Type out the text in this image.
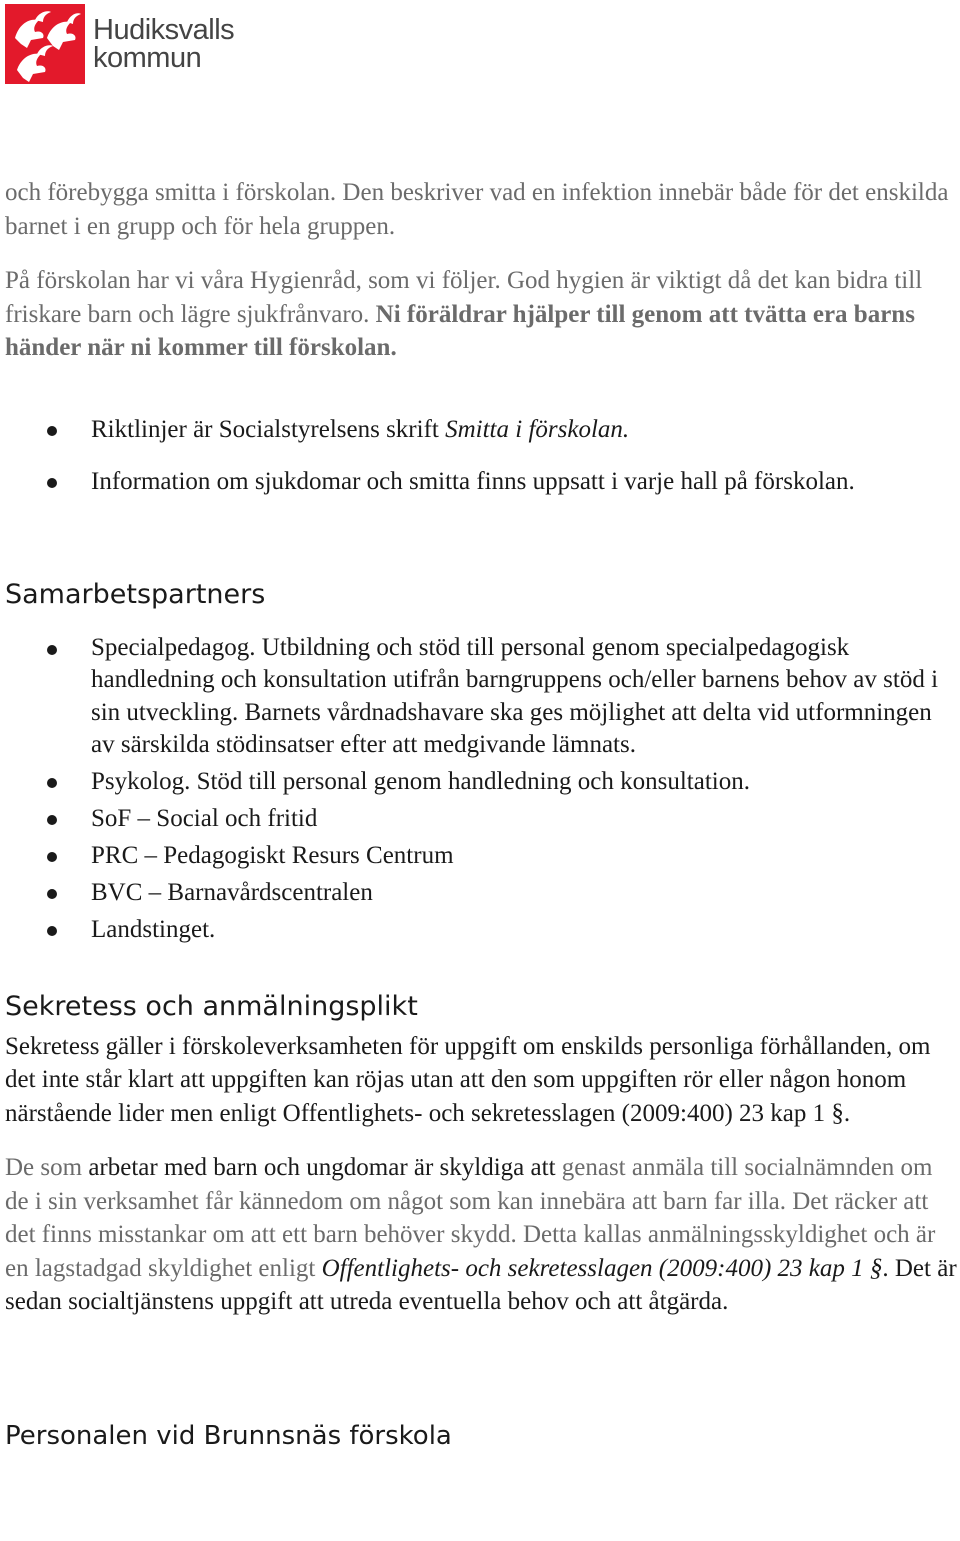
Hudiksvalls
kommun

och förebygga smitta i förskolan. Den beskriver vad en infektion innebär både för det enskilda barnet i en grupp och för hela gruppen.

På förskolan har vi våra Hygienråd, som vi följer. God hygien är viktigt då det kan bidra till friskare barn och lägre sjukfrånvaro. Ni föräldrar hjälper till genom att tvätta era barns händer när ni kommer till förskolan.

Riktlinjer är Socialstyrelsens skrift Smitta i förskolan.
Information om sjukdomar och smitta finns uppsatt i varje hall på förskolan.
Samarbetspartners
Specialpedagog. Utbildning och stöd till personal genom specialpedagogisk handledning och konsultation utifrån barngruppens och/eller barnens behov av stöd i sin utveckling. Barnets vårdnadshavare ska ges möjlighet att delta vid utformningen av särskilda stödinsatser efter att medgivande lämnats.
Psykolog. Stöd till personal genom handledning och konsultation.
SoF – Social och fritid
PRC – Pedagogiskt Resurs Centrum
BVC – Barnavårdscentralen
Landstinget.
Sekretess och anmälningsplikt

Sekretess gäller i förskoleverksamheten för uppgift om enskilds personliga förhållanden, om det inte står klart att uppgiften kan röjas utan att den som uppgiften rör eller någon honom närstående lider men enligt Offentlighets- och sekretesslagen (2009:400) 23 kap 1 §.

De som arbetar med barn och ungdomar är skyldiga att genast anmäla till socialnämnden om de i sin verksamhet får kännedom om något som kan innebära att barn far illa. Det räcker att det finns misstankar om att ett barn behöver skydd. Detta kallas anmälningsskyldighet och är en lagstadgad skyldighet enligt Offentlighets- och sekretesslagen (2009:400) 23 kap 1 §. Det är sedan socialtjänstens uppgift att utreda eventuella behov och att åtgärda.

Personalen vid Brunnsnäs förskola
